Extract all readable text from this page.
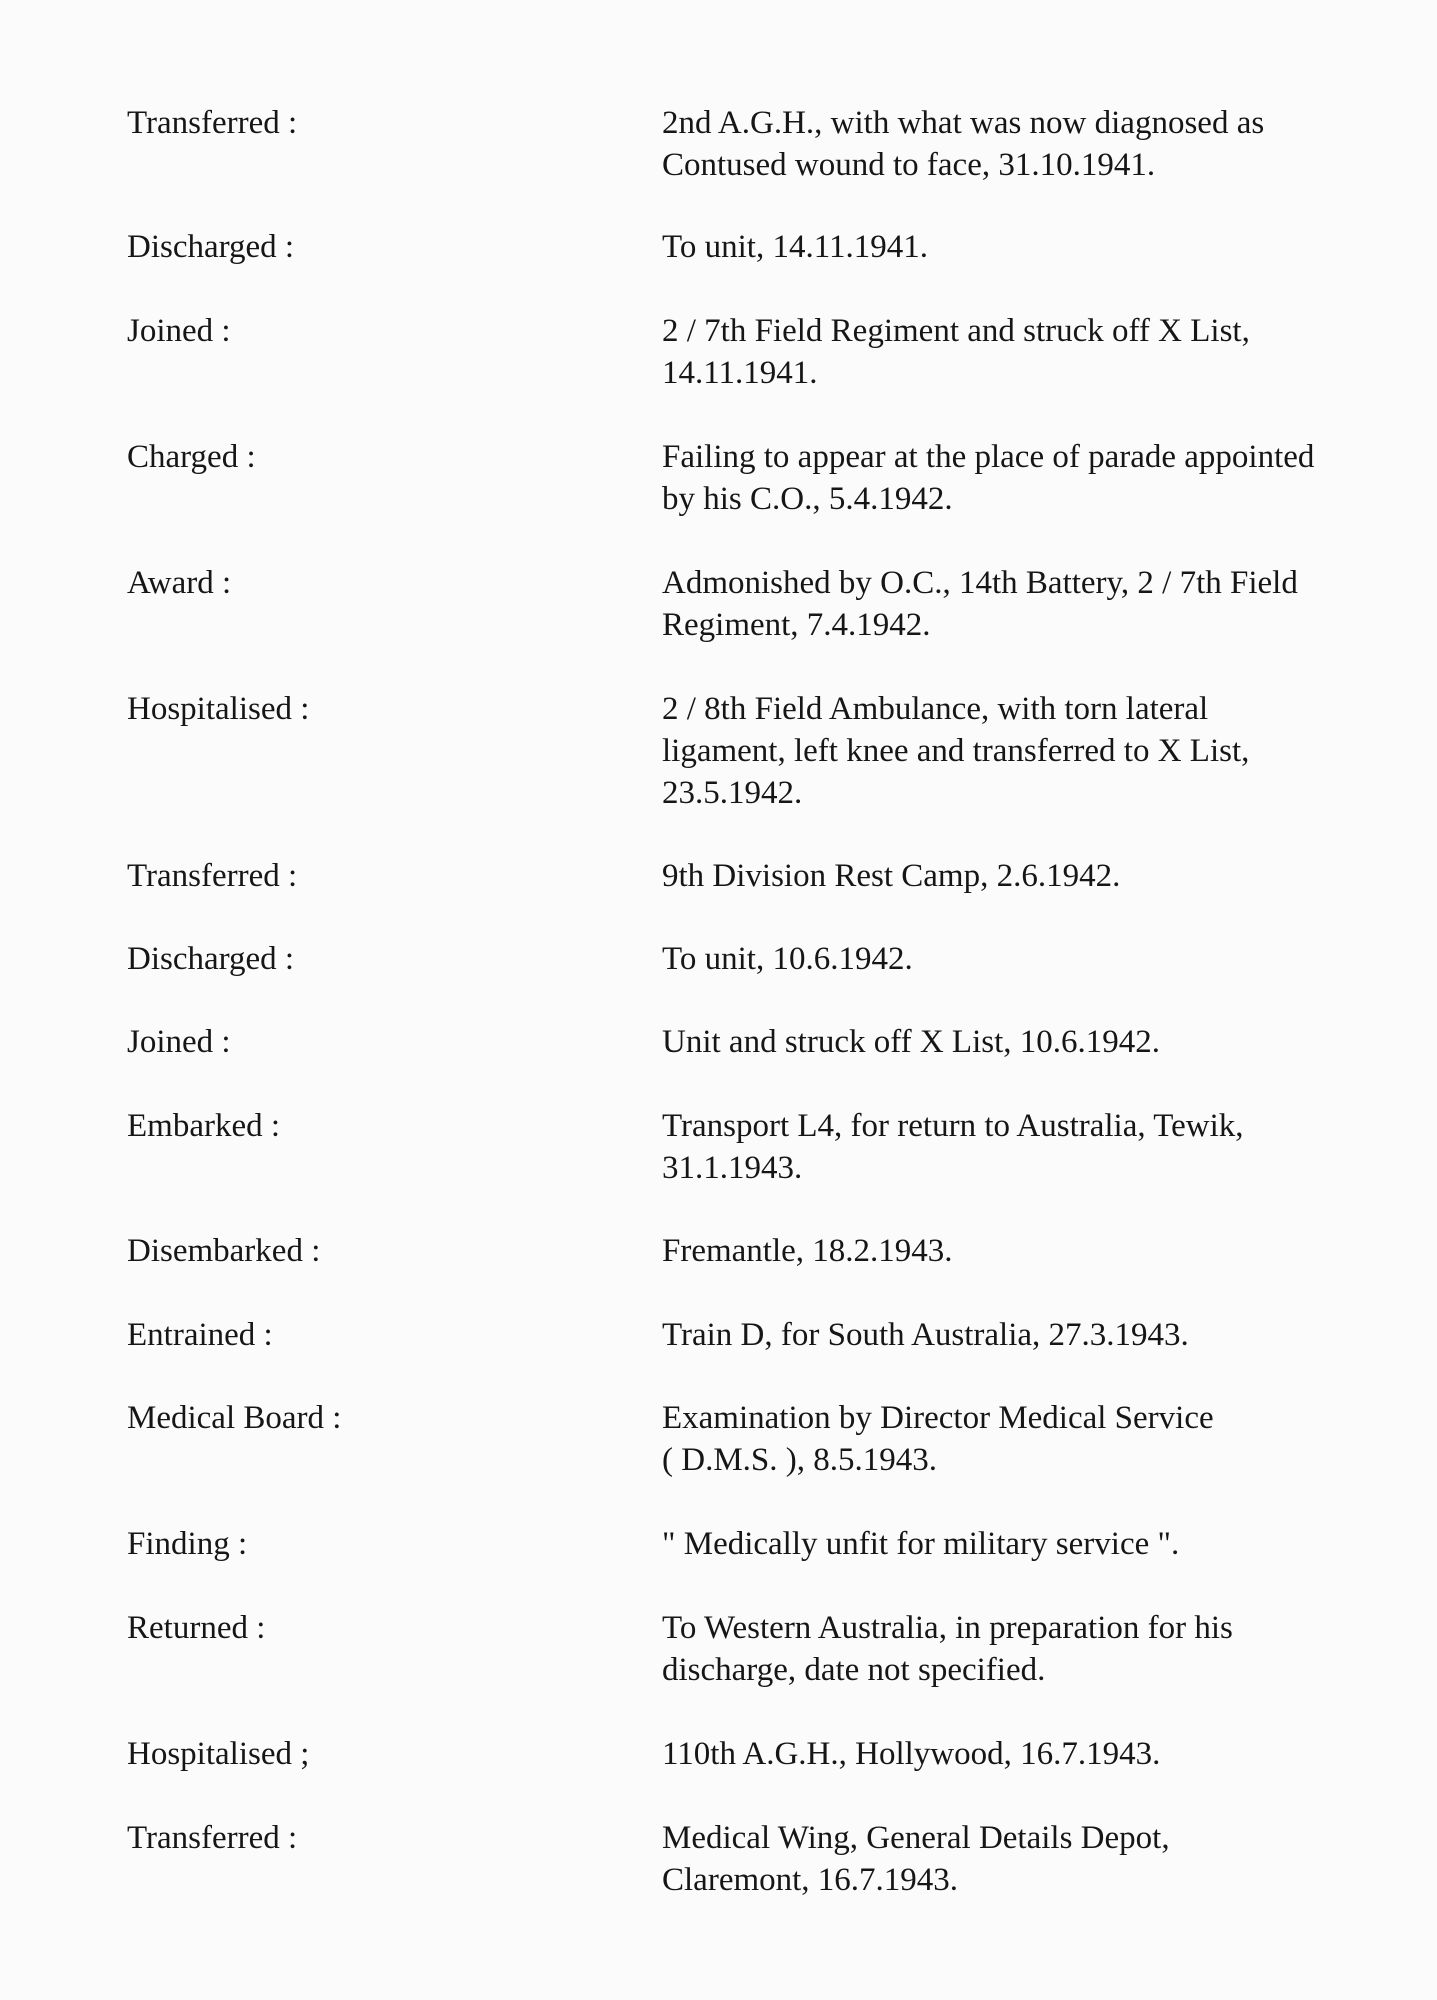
Transferred :	2nd A.G.H., with what was now diagnosed as
Contused wound to face, 31.10.1941.
Discharged :	To unit, 14.11.1941.
Joined :	2 / 7th Field Regiment and struck off X List,
14.11.1941.
Charged :	Failing to appear at the place of parade appointed
by his C.O., 5.4.1942.
Award :	Admonished by O.C., 14th Battery, 2 / 7th Field
Regiment, 7.4.1942.
Hospitalised :	2 / 8th Field Ambulance, with torn lateral
ligament, left knee and transferred to X List,
23.5.1942.
Transferred :	9th Division Rest Camp, 2.6.1942.
Discharged :	To unit, 10.6.1942.
Joined :	Unit and struck off X List, 10.6.1942.
Embarked :	Transport L4, for return to Australia, Tewik,
31.1.1943.
Disembarked :	Fremantle, 18.2.1943.
Entrained :	Train D, for South Australia, 27.3.1943.
Medical Board :	Examination by Director Medical Service
( D.M.S. ), 8.5.1943.
Finding :	" Medically unfit for military service ".
Returned :	To Western Australia, in preparation for his
discharge, date not specified.
Hospitalised ;	110th A.G.H., Hollywood, 16.7.1943.
Transferred :	Medical Wing, General Details Depot,
Claremont, 16.7.1943.
